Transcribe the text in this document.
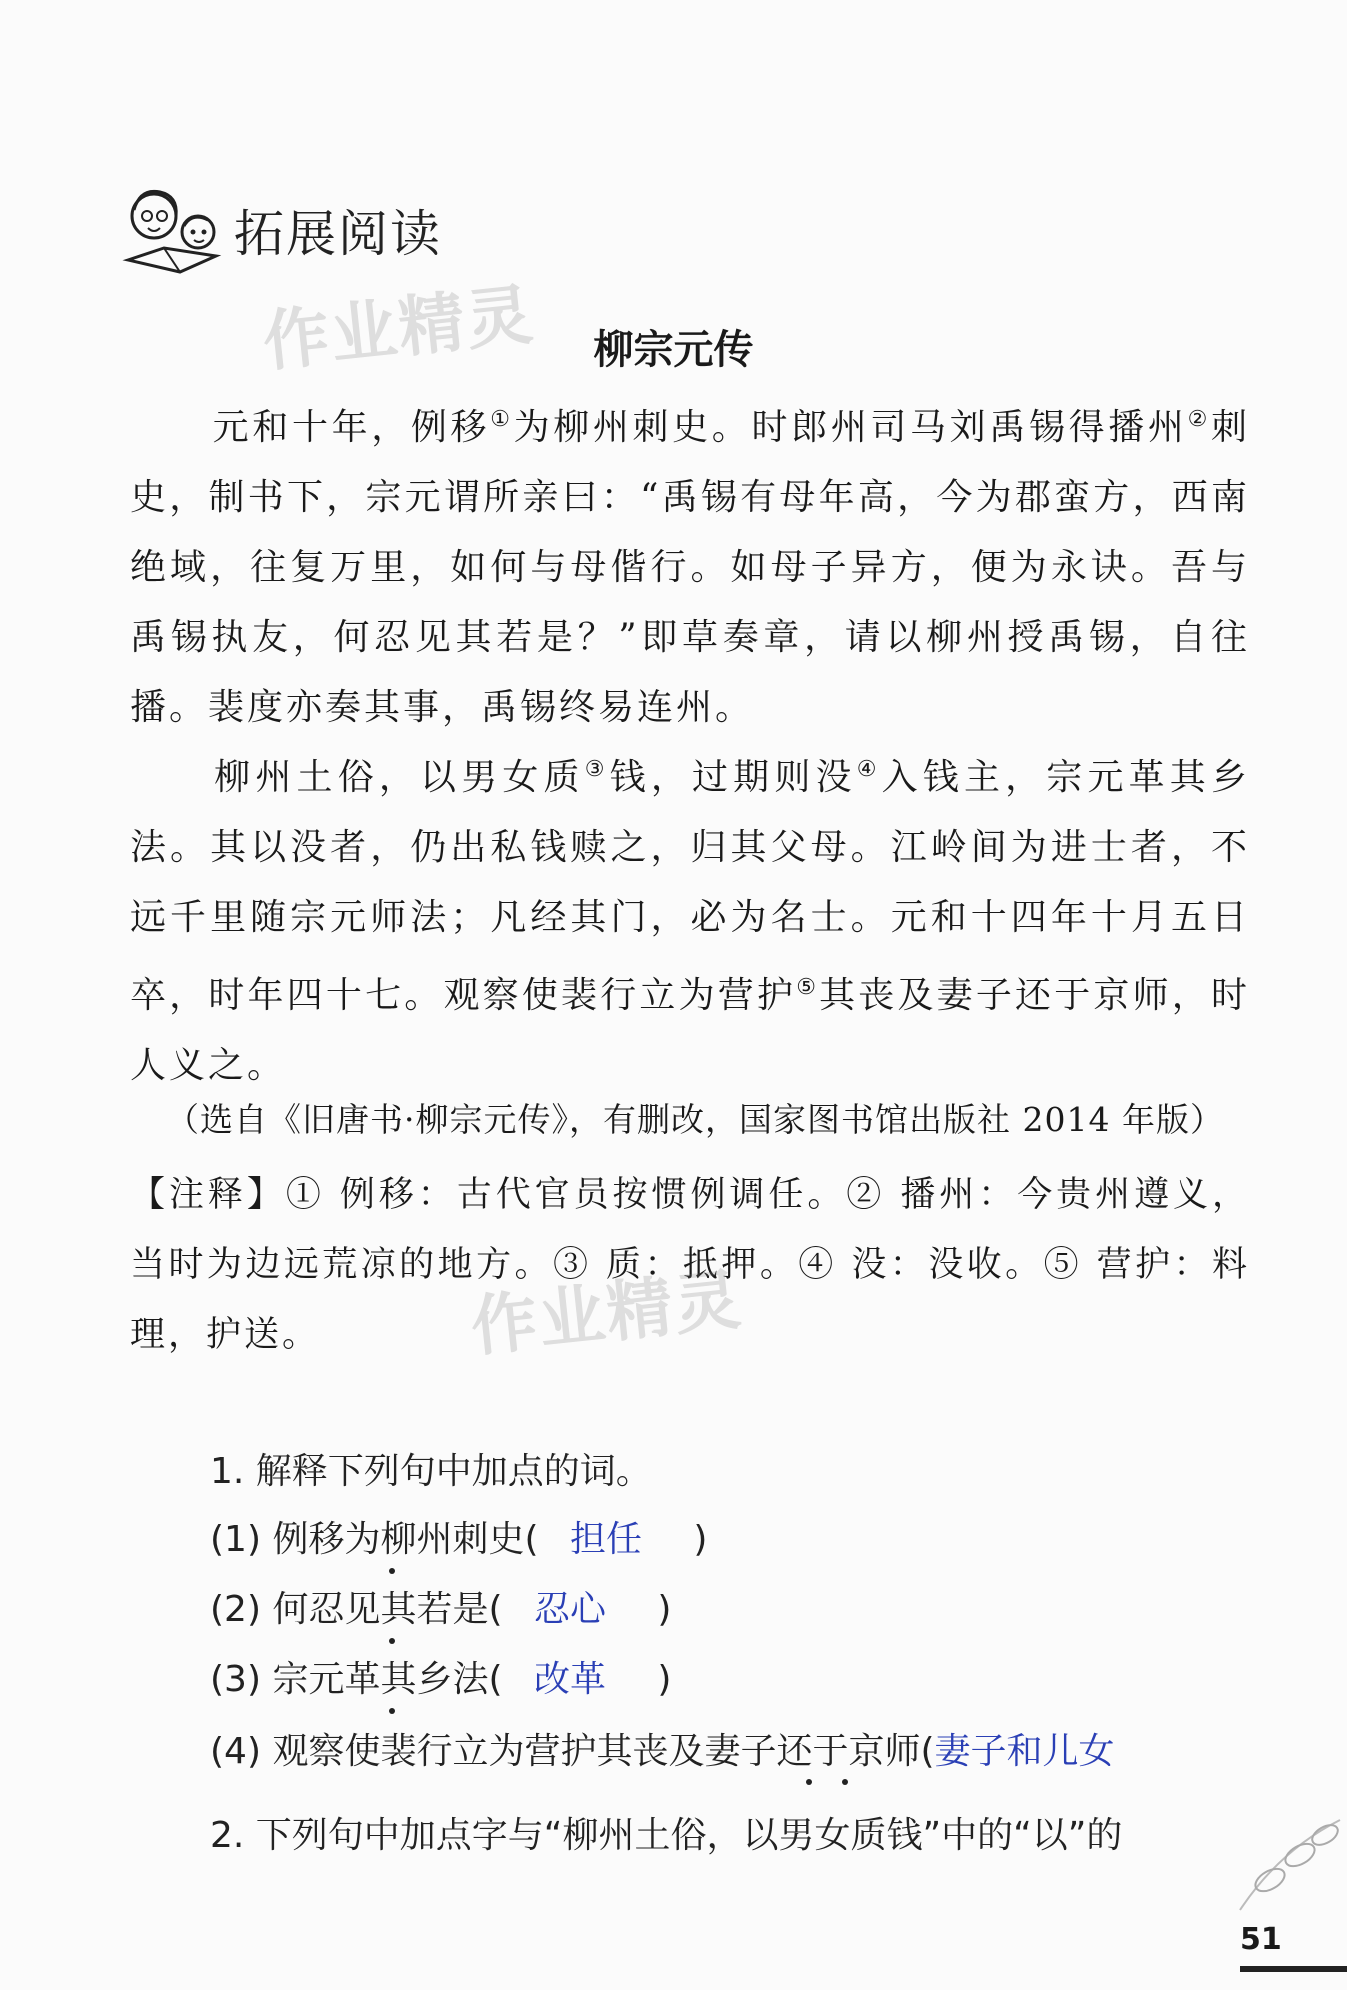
拓展阅读
作业精灵	柳宗元传
元和十年，例移①为柳州刺史。时郎州司马刘禹锡得播州②刺史，制书下，宗元谓所亲曰：“禹锡有母年高，今为郡蛮方，西南绝域，往复万里，如何与母偕行。如母子异方，便为永诀。吾与禹锡执友，何忍见其若是？”即草奏章，请以柳州授禹锡，自往播。裴度亦奏其事，禹锡终易连州。
柳州土俗，以男女质③钱，过期则没④入钱主，宗元革其乡法。其以没者，仍出私钱赎之，归其父母。江岭间为进士者，不远千里随宗元师法；凡经其门，必为名士。元和十四年十月五日卒，时年四十七。观察使裴行立为营护⑤其丧及妻子还于京师，时人义之。
（选自《旧唐书·柳宗元传》，有删改，国家图书馆出版社 2014 年版）
【注释】① 例移：古代官员按惯例调任。② 播州：今贵州遵义，当时为边远荒凉的地方。③ 质：抵押。④ 没：没收。⑤ 营护：料理，护送。	作业精灵
1. 解释下列句中加点的词。
(1) 例移为柳州刺史( 担任 )
(2) 何忍见其若是( 忍心 )
(3) 宗元革其乡法( 改革 )
(4) 观察使裴行立为营护其丧及妻子还于京师(妻子和儿女
2. 下列句中加点字与“柳州土俗，以男女质钱”中的“以”的
51
